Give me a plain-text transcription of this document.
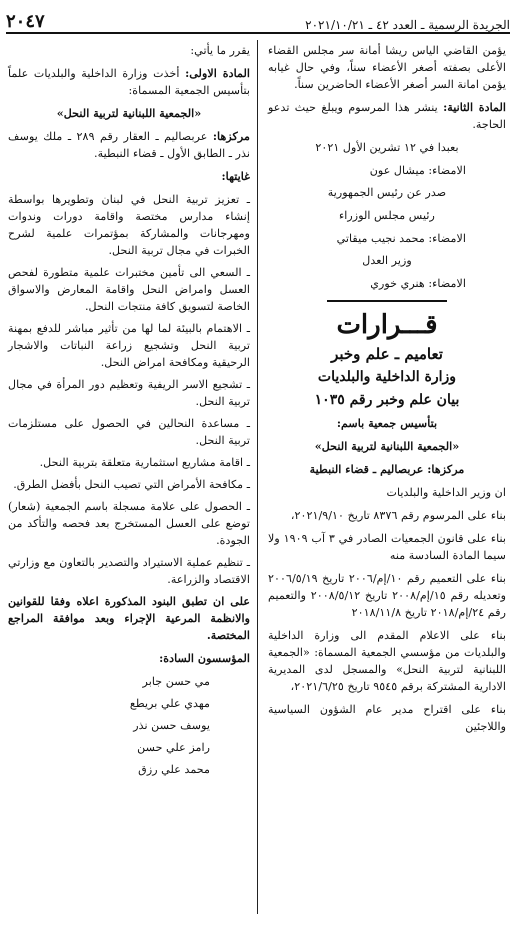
الجريدة الرسمية ـ العدد ٤٢ ـ ٢٠٢١/١٠/٢١
٢٠٤٧

يؤمن القاضي الياس ريشا أمانة سر مجلس القضاء الأعلى بصفته أصغر الأعضاء سناً، وفي حال غيابه يؤمن امانة السر أصغر الأعضاء الحاضرين سناً.

المادة الثانية: ينشر هذا المرسوم ويبلغ حيث تدعو الحاجة.

بعبدا في ١٢ تشرين الأول ٢٠٢١

الامضاء: ميشال عون

صدر عن رئيس الجمهورية

رئيس مجلس الوزراء

الامضاء: محمد نجيب ميقاتي

وزير العدل

الامضاء: هنري خوري

قـــرارات
تعاميم ـ علم وخبر
وزارة الداخلية والبلديات
بيان علم وخبر رقم ١٠٣٥

بتأسيس جمعية باسم:

«الجمعية اللبنانية لتربية النحل»

مركزها: عربصاليم ـ قضاء النبطية

ان وزير الداخلية والبلديات

بناء على المرسوم رقم ٨٣٧٦ تاريخ ٢٠٢١/٩/١٠،

بناء على قانون الجمعيات الصادر في ٣ آب ١٩٠٩ ولا سيما المادة السادسة منه

بناء على التعميم رقم ١٠/إم/٢٠٠٦ تاريخ ٢٠٠٦/٥/١٩ وتعديله رقم ١٥/إم/٢٠٠٨ تاريخ ٢٠٠٨/٥/١٢ والتعميم رقم ٢٤/إم/٢٠١٨ تاريخ ٢٠١٨/١١/٨

بناء على الاعلام المقدم الى وزارة الداخلية والبلديات من مؤسسي الجمعية المسماة: «الجمعية اللبنانية لتربية النحل» والمسجل لدى المديرية الادارية المشتركة برقم ٩٥٤٥ تاريخ ٢٠٢١/٦/٢٥،

بناء على اقتراح مدير عام الشؤون السياسية واللاجئين

يقرر ما يأتي:

المادة الاولى: أخذت وزارة الداخلية والبلديات علماً بتأسيس الجمعية المسماة:

«الجمعية اللبنانية لتربية النحل»

مركزها: عربصاليم ـ العقار رقم ٢٨٩ ـ ملك يوسف نذر ـ الطابق الأول ـ قضاء النبطية.

غايتها:

ـ تعزيز تربية النحل في لبنان وتطويرها بواسطة إنشاء مدارس مختصة واقامة دورات وندوات ومهرجانات والمشاركة بمؤتمرات علمية لشرح الخبرات في مجال تربية النحل.
ـ السعي الى تأمين مختبرات علمية متطورة لفحص العسل وامراض النحل واقامة المعارض والاسواق الخاصة لتسويق كافة منتجات النحل.
ـ الاهتمام بالبيئة لما لها من تأثير مباشر للدفع بمهنة تربية النحل وتشجيع زراعة النباتات والاشجار الرحيقية ومكافحة امراض النحل.
ـ تشجيع الاسر الريفية وتعظيم دور المرأة في مجال تربية النحل.
ـ مساعدة النحالين في الحصول على مستلزمات تربية النحل.
ـ اقامة مشاريع استثمارية متعلقة بتربية النحل.
ـ مكافحة الأمراض التي تصيب النحل بأفضل الطرق.
ـ الحصول على علامة مسجلة باسم الجمعية (شعار) توضع على العسل المستخرج بعد فحصه والتأكد من الجودة.
ـ تنظيم عملية الاستيراد والتصدير بالتعاون مع وزارتي الاقتصاد والزراعة.

على ان تطبق البنود المذكورة اعلاه وفقا للقوانين والانظمة المرعية الإجراء وبعد موافقة المراجع المختصة.

المؤسسون السادة:

مي حسن جابر
مهدي علي بريطع
يوسف حسن نذر
رامز علي حسن
محمد علي رزق
